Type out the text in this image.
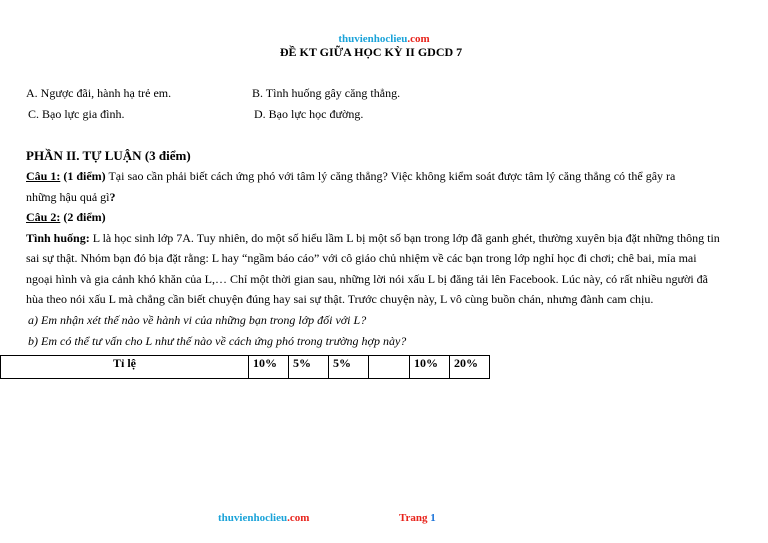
thuvienhoclieu.com
ĐỀ KT GIỮA HỌC KỲ II GDCD 7
A. Ngược đãi, hành hạ trẻ em.	B. Tình huống gây căng thẳng.
C. Bạo lực gia đình.	D. Bạo lực học đường.
PHẦN II. TỰ LUẬN (3 điểm)
Câu 1: (1 điểm) Tại sao cần phải biết cách ứng phó với tâm lý căng thẳng? Việc không kiểm soát được tâm lý căng thẳng có thể gây ra
những hậu quả gì?
Câu 2: (2 điểm)
Tình huống: L là học sinh lớp 7A. Tuy nhiên, do một số hiểu lầm L bị một số bạn trong lớp đã ganh ghét, thường xuyên bịa đặt những thông tin
sai sự thật. Nhóm bạn đó bịa đặt rằng: L hay “ngầm báo cáo” với cô giáo chủ nhiệm về các bạn trong lớp nghỉ học đi chơi; chê bai, mỉa mai
ngoại hình và gia cảnh khó khăn của L,… Chỉ một thời gian sau, những lời nói xấu L bị đăng tải lên Facebook. Lúc này, có rất nhiều người đã
hùa theo nói xấu L mà chẳng cần biết chuyện đúng hay sai sự thật. Trước chuyện này, L vô cùng buồn chán, nhưng đành cam chịu.
a) Em nhận xét thế nào về hành vi của những bạn trong lớp đối với L?
b) Em có thể tư vấn cho L như thế nào về cách ứng phó trong trường hợp này?
Tỉ lệ	10%	5%	5%		10%	20%
thuvienhoclieu.com	Trang 1
